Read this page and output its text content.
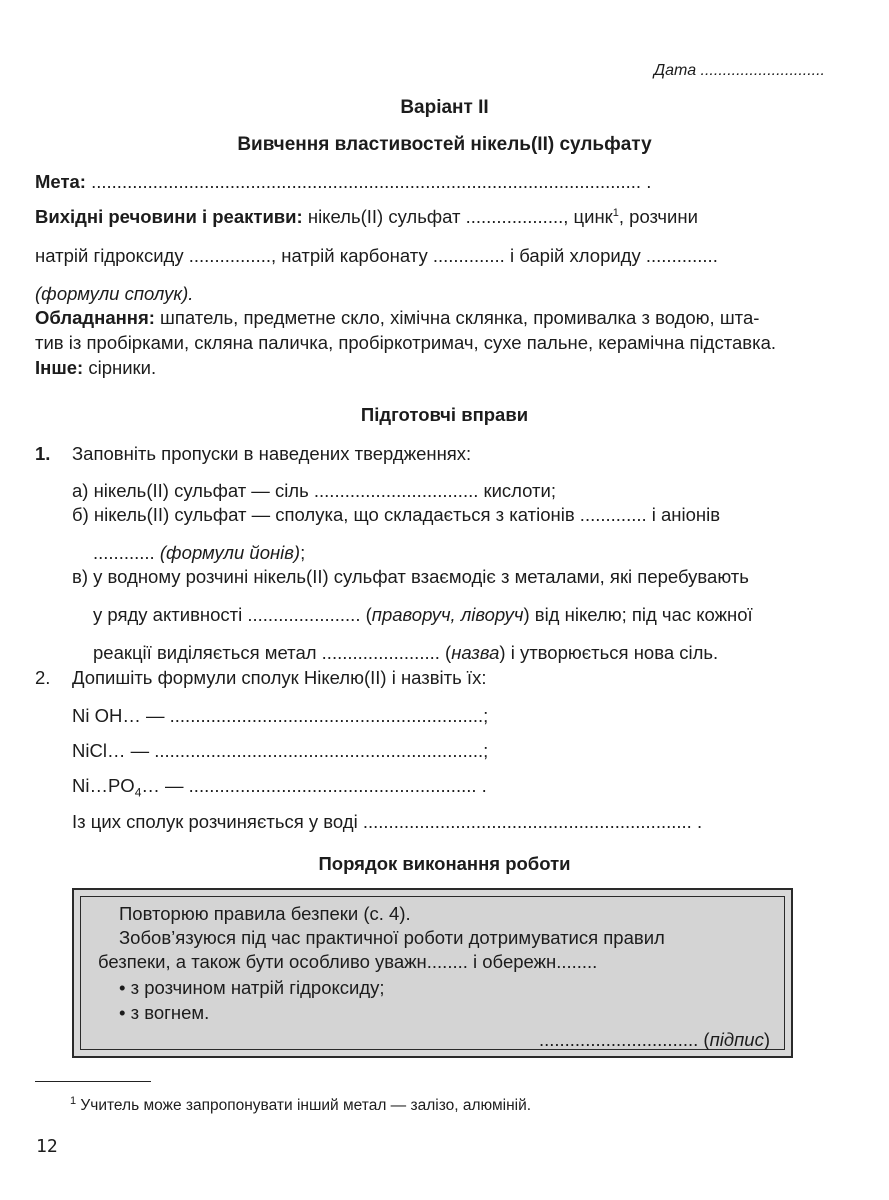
Дата ............................
Варіант II
Вивчення властивостей нікель(II) сульфату
Мета: ........................................................................................................... .
Вихідні речовини і реактиви: нікель(II) сульфат ..................., цинк$^1$, розчини
натрій гідроксиду ................, натрій карбонату .............. і барій хлориду ..............
(формули сполук).
Обладнання: шпатель, предметне скло, хімічна склянка, промивалка з водою, шта-
тив із пробірками, скляна паличка, пробіркотримач, сухе пальне, керамічна підставка.
Інше: сірники.
Підготовчі вправи
1. Заповніть пропуски в наведених твердженнях:
а) нікель(II) сульфат — сіль ................................ кислоти;
б) нікель(II) сульфат — сполука, що складається з катіонів ............. і аніонів
............ (формули йонів);
в) у водному розчині нікель(II) сульфат взаємодіє з металами, які перебувають
у ряду активності ...................... (праворуч, ліворуч) від нікелю; під час кожної
реакції виділяється метал ....................... (назва) і утворюється нова сіль.
2. Допишіть формули сполук Нікелю(II) і назвіть їх:
Ni OH… — .............................................................;
NiCl… — ................................................................;
$Ni\dots PO_4\dots$ — ........................................................ .
Із цих сполук розчиняється у воді ................................................................ .
Порядок виконання роботи
Повторюю правила безпеки (с. 4).
Зобов’язуюся під час практичної роботи дотримуватися правил
безпеки, а також бути особливо уважн........ і обережн........
• з розчином натрій гідроксиду;
• з вогнем.
............................... (підпис)
$^1$ Учитель може запропонувати інший метал — залізо, алюміній.
12
